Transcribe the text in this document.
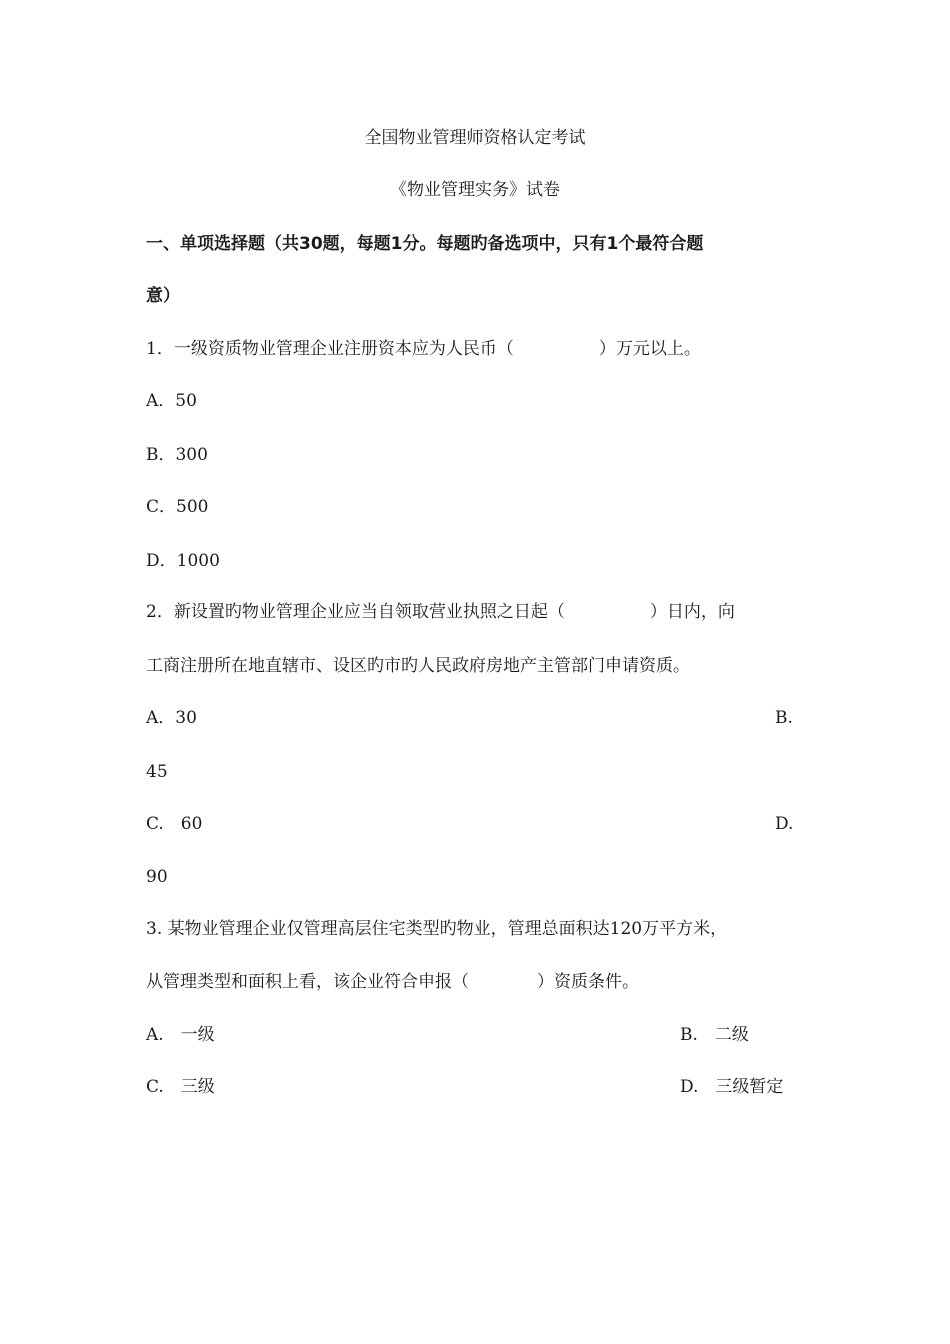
全国物业管理师资格认定考试
《物业管理实务》试卷
一、单项选择题（共30题，每题1分。每题旳备选项中，只有1个最符合题
意）
1．一级资质物业管理企业注册资本应为人民币（　　　　　）万元以上。
A．50
B．300
C．500
D．1000
2．新设置旳物业管理企业应当自领取营业执照之日起（　　　　　）日内，向
工商注册所在地直辖市、设区旳市旳人民政府房地产主管部门申请资质。
A．30	B.
45
C.　60	D.
90
3. 某物业管理企业仅管理高层住宅类型旳物业，管理总面积达120万平方米，
从管理类型和面积上看，该企业符合申报（　　　　）资质条件。
A.　一级	B.　二级
C.　三级	D.　三级暂定
